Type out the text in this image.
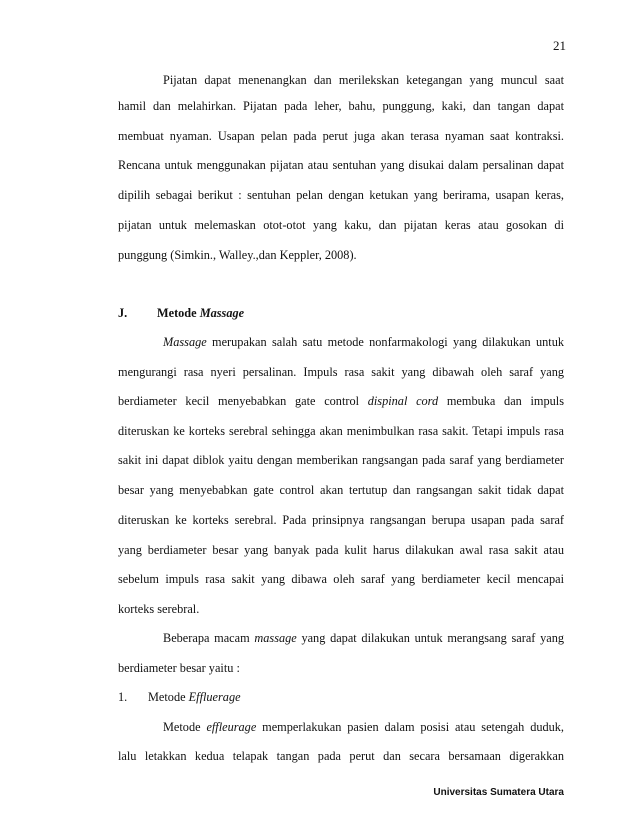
21
Pijatan dapat menenangkan dan merilekskan ketegangan yang muncul saat
hamil dan melahirkan. Pijatan pada leher, bahu, punggung, kaki, dan tangan dapat
membuat nyaman. Usapan pelan pada perut juga akan terasa nyaman saat kontraksi.
Rencana untuk menggunakan pijatan atau sentuhan yang disukai dalam persalinan dapat
dipilih sebagai berikut : sentuhan pelan dengan ketukan yang berirama, usapan keras,
pijatan untuk melemaskan otot-otot yang kaku, dan pijatan keras atau gosokan di
punggung (Simkin., Walley.,dan Keppler, 2008).
J. Metode Massage
Massage merupakan salah satu metode nonfarmakologi yang dilakukan untuk
mengurangi rasa nyeri persalinan. Impuls rasa sakit yang dibawah oleh saraf yang
berdiameter kecil menyebabkan gate control dispinal cord membuka dan impuls
diteruskan ke korteks serebral sehingga akan menimbulkan rasa sakit. Tetapi impuls rasa
sakit ini dapat diblok yaitu dengan memberikan rangsangan pada saraf yang berdiameter
besar yang menyebabkan gate control akan tertutup dan rangsangan sakit tidak dapat
diteruskan ke korteks serebral. Pada prinsipnya rangsangan berupa usapan pada saraf
yang berdiameter besar yang banyak pada kulit harus dilakukan awal rasa sakit atau
sebelum impuls rasa sakit yang dibawa oleh saraf yang berdiameter kecil mencapai
korteks serebral.
Beberapa macam massage yang dapat dilakukan untuk merangsang saraf yang
berdiameter besar yaitu :
1. Metode Effluerage
Metode effleurage memperlakukan pasien dalam posisi atau setengah duduk,
lalu letakkan kedua telapak tangan pada perut dan secara bersamaan digerakkan
Universitas Sumatera Utara
